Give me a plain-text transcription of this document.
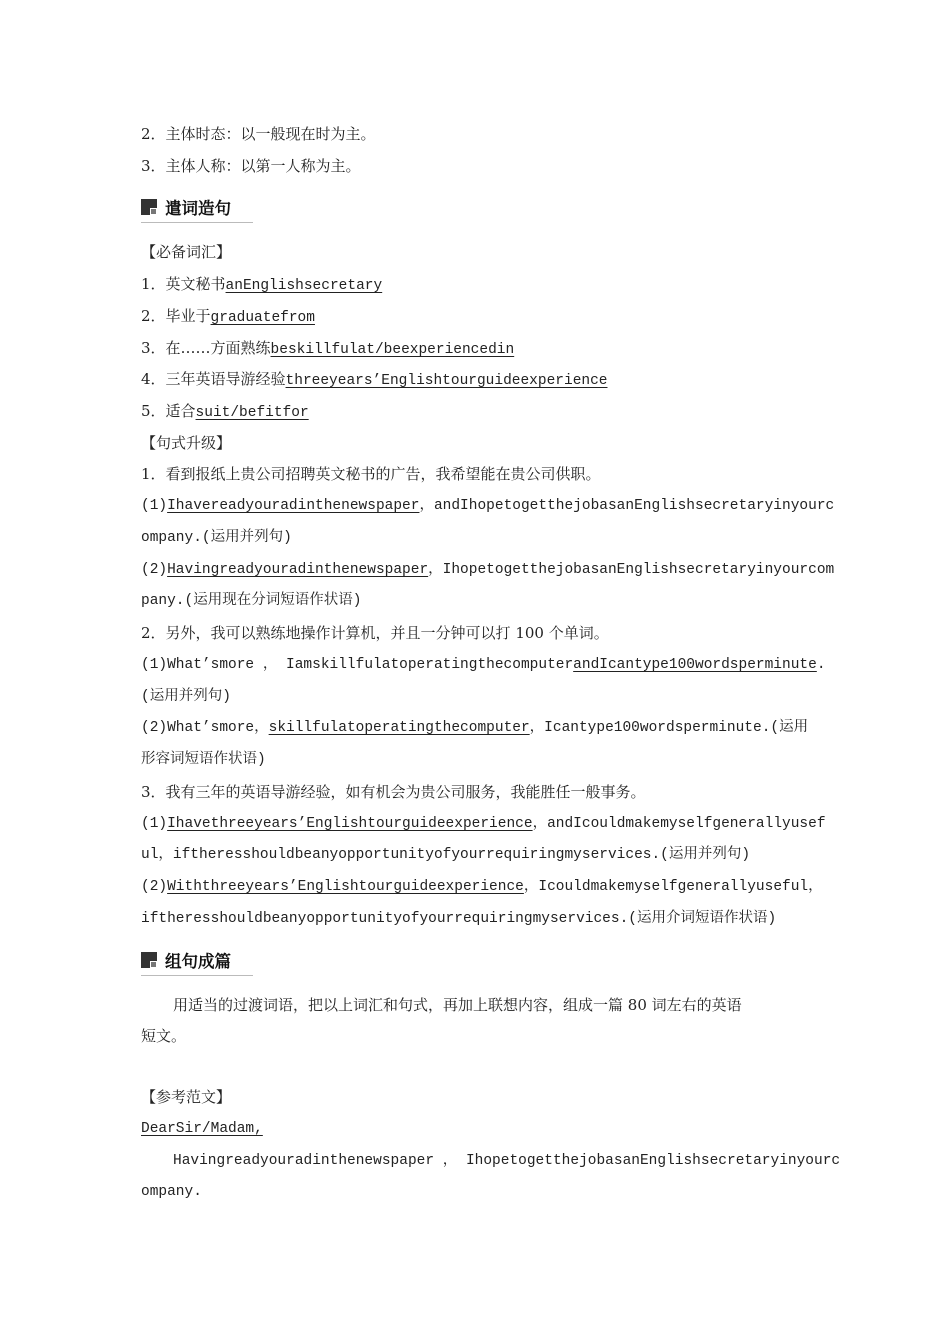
2．主体时态：以一般现在时为主。
3．主体人称：以第一人称为主。
遣词造句
【必备词汇】
1．英文秘书anEnglishsecretary
2．毕业于graduatefrom
3．在……方面熟练beskillfulat/beexperiencedin
4．三年英语导游经验threeyears’Englishtourguideexperience
5．适合suit/befitfor
【句式升级】
1．看到报纸上贵公司招聘英文秘书的广告，我希望能在贵公司供职。
(1)Ihavereadyouradinthenewspaper，andIhopetogetthejobasanEnglishsecretaryinyourc
ompany.(运用并列句)
(2)Havingreadyouradinthenewspaper，IhopetogetthejobasanEnglishsecretaryinyourcom
pany.(运用现在分词短语作状语)
2．另外，我可以熟练地操作计算机，并且一分钟可以打 100 个单词。
(1)What’smore ， IamskillfulatoperatingthecomputerandIcantype100wordsperminute.
(运用并列句)
(2)What’smore，skillfulatoperatingthecomputer，Icantype100wordsperminute.(运用
形容词短语作状语)
3．我有三年的英语导游经验，如有机会为贵公司服务，我能胜任一般事务。
(1)Ihavethreeyears’Englishtourguideexperience，andIcouldmakemyselfgenerallyusef
ul，iftheresshouldbeanyopportunityofyourrequiringmyservices.(运用并列句)
(2)Withthreeyears’Englishtourguideexperience，Icouldmakemyselfgenerallyuseful，
iftheresshouldbeanyopportunityofyourrequiringmyservices.(运用介词短语作状语)
组句成篇
用适当的过渡词语，把以上词汇和句式，再加上联想内容，组成一篇 80 词左右的英语
短文。
【参考范文】
DearSir/Madam,
Havingreadyouradinthenewspaper ， IhopetogetthejobasanEnglishsecretaryinyourc
ompany.
